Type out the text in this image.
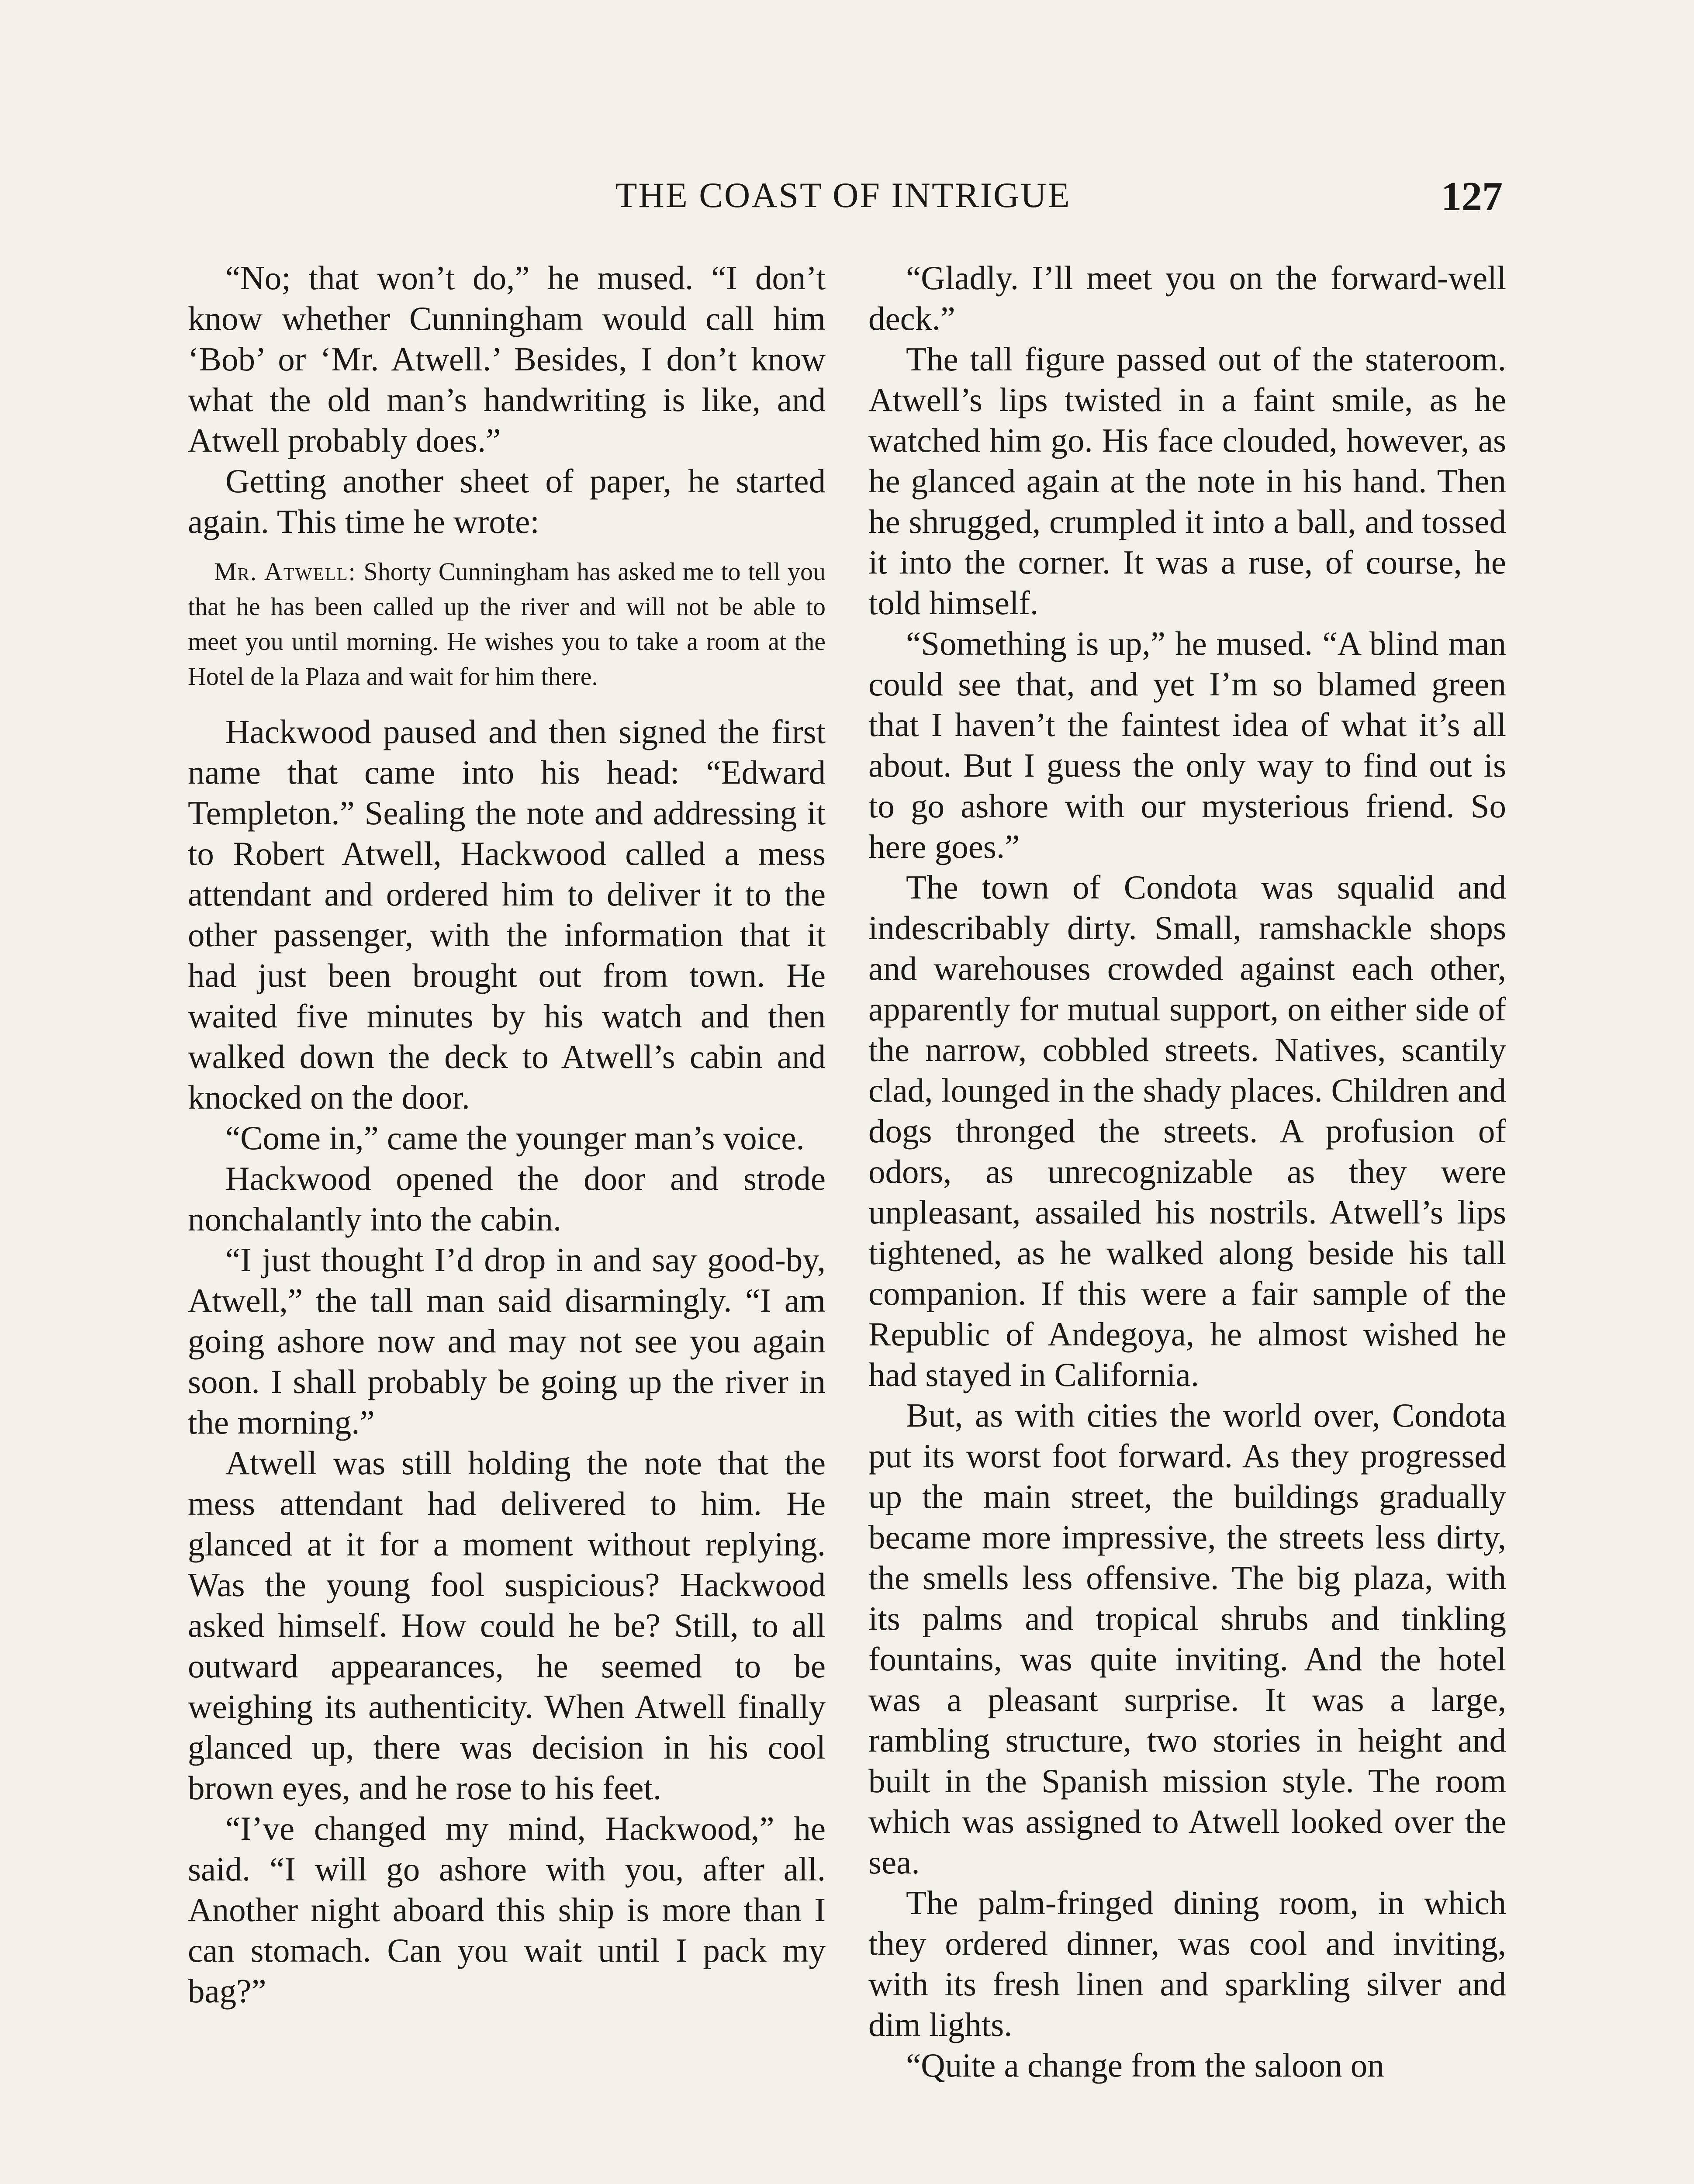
THE COAST OF INTRIGUE	127

“No; that won’t do,” he mused. “I don’t know whether Cunningham would call him ‘Bob’ or ‘Mr. Atwell.’ Besides, I don’t know what the old man’s handwriting is like, and Atwell probably does.”

Getting another sheet of paper, he started again. This time he wrote:

Mr. Atwell: Shorty Cunningham has asked me to tell you that he has been called up the river and will not be able to meet you until morning. He wishes you to take a room at the Hotel de la Plaza and wait for him there.

Hackwood paused and then signed the first name that came into his head: “Edward Templeton.” Sealing the note and addressing it to Robert Atwell, Hackwood called a mess attendant and ordered him to deliver it to the other passenger, with the information that it had just been brought out from town. He waited five minutes by his watch and then walked down the deck to Atwell’s cabin and knocked on the door.

“Come in,” came the younger man’s voice.

Hackwood opened the door and strode nonchalantly into the cabin.

“I just thought I’d drop in and say good-by, Atwell,” the tall man said disarmingly. “I am going ashore now and may not see you again soon. I shall probably be going up the river in the morning.”

Atwell was still holding the note that the mess attendant had delivered to him. He glanced at it for a moment without replying. Was the young fool suspicious? Hackwood asked himself. How could he be? Still, to all outward appearances, he seemed to be weighing its authenticity. When Atwell finally glanced up, there was decision in his cool brown eyes, and he rose to his feet.

“I’ve changed my mind, Hackwood,” he said. “I will go ashore with you, after all. Another night aboard this ship is more than I can stomach. Can you wait until I pack my bag?”

“Gladly. I’ll meet you on the forward-well deck.”

The tall figure passed out of the stateroom. Atwell’s lips twisted in a faint smile, as he watched him go. His face clouded, however, as he glanced again at the note in his hand. Then he shrugged, crumpled it into a ball, and tossed it into the corner. It was a ruse, of course, he told himself.

“Something is up,” he mused. “A blind man could see that, and yet I’m so blamed green that I haven’t the faintest idea of what it’s all about. But I guess the only way to find out is to go ashore with our mysterious friend. So here goes.”

The town of Condota was squalid and indescribably dirty. Small, ramshackle shops and warehouses crowded against each other, apparently for mutual support, on either side of the narrow, cobbled streets. Natives, scantily clad, lounged in the shady places. Children and dogs thronged the streets. A profusion of odors, as unrecognizable as they were unpleasant, assailed his nostrils. Atwell’s lips tightened, as he walked along beside his tall companion. If this were a fair sample of the Republic of Andegoya, he almost wished he had stayed in California.

But, as with cities the world over, Condota put its worst foot forward. As they progressed up the main street, the buildings gradually became more impressive, the streets less dirty, the smells less offensive. The big plaza, with its palms and tropical shrubs and tinkling fountains, was quite inviting. And the hotel was a pleasant surprise. It was a large, rambling structure, two stories in height and built in the Spanish mission style. The room which was assigned to Atwell looked over the sea.

The palm-fringed dining room, in which they ordered dinner, was cool and inviting, with its fresh linen and sparkling silver and dim lights.

“Quite a change from the saloon on
